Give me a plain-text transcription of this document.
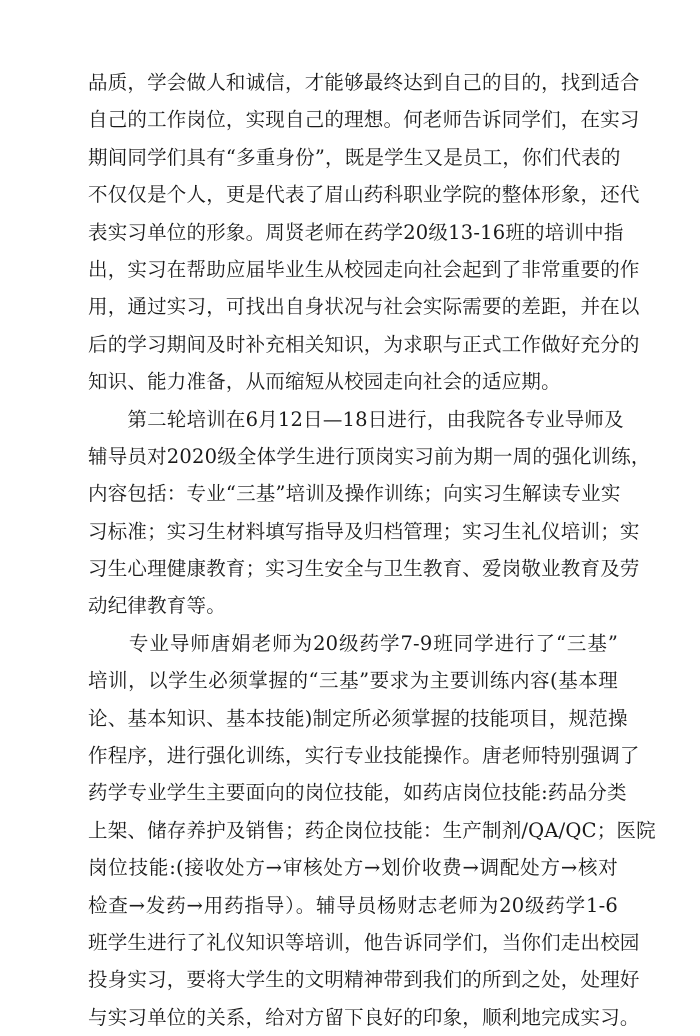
品质，学会做人和诚信，才能够最终达到自己的目的，找到适合
自己的工作岗位，实现自己的理想。何老师告诉同学们，在实习
期间同学们具有“多重身份”，既是学生又是员工，你们代表的
不仅仅是个人，更是代表了眉山药科职业学院的整体形象，还代
表实习单位的形象。周贤老师在药学20级13-16班的培训中指
出，实习在帮助应届毕业生从校园走向社会起到了非常重要的作
用，通过实习，可找出自身状况与社会实际需要的差距，并在以
后的学习期间及时补充相关知识，为求职与正式工作做好充分的
知识、能力准备，从而缩短从校园走向社会的适应期。
　　第二轮培训在6月12日—18日进行，由我院各专业导师及
辅导员对2020级全体学生进行顶岗实习前为期一周的强化训练，
内容包括：专业“三基”培训及操作训练；向实习生解读专业实
习标准；实习生材料填写指导及归档管理；实习生礼仪培训；实
习生心理健康教育；实习生安全与卫生教育、爱岗敬业教育及劳
动纪律教育等。
　　专业导师唐娟老师为20级药学7-9班同学进行了“三基”
培训，以学生必须掌握的“三基”要求为主要训练内容(基本理
论、基本知识、基本技能)制定所必须掌握的技能项目，规范操
作程序，进行强化训练，实行专业技能操作。唐老师特别强调了
药学专业学生主要面向的岗位技能，如药店岗位技能:药品分类
上架、储存养护及销售；药企岗位技能：生产制剂/QA/QC；医院
岗位技能:(接收处方→审核处方→划价收费→调配处方→核对
检查→发药→用药指导）。辅导员杨财志老师为20级药学1-6
班学生进行了礼仪知识等培训，他告诉同学们，当你们走出校园
投身实习，要将大学生的文明精神带到我们的所到之处，处理好
与实习单位的关系，给对方留下良好的印象，顺利地完成实习。
